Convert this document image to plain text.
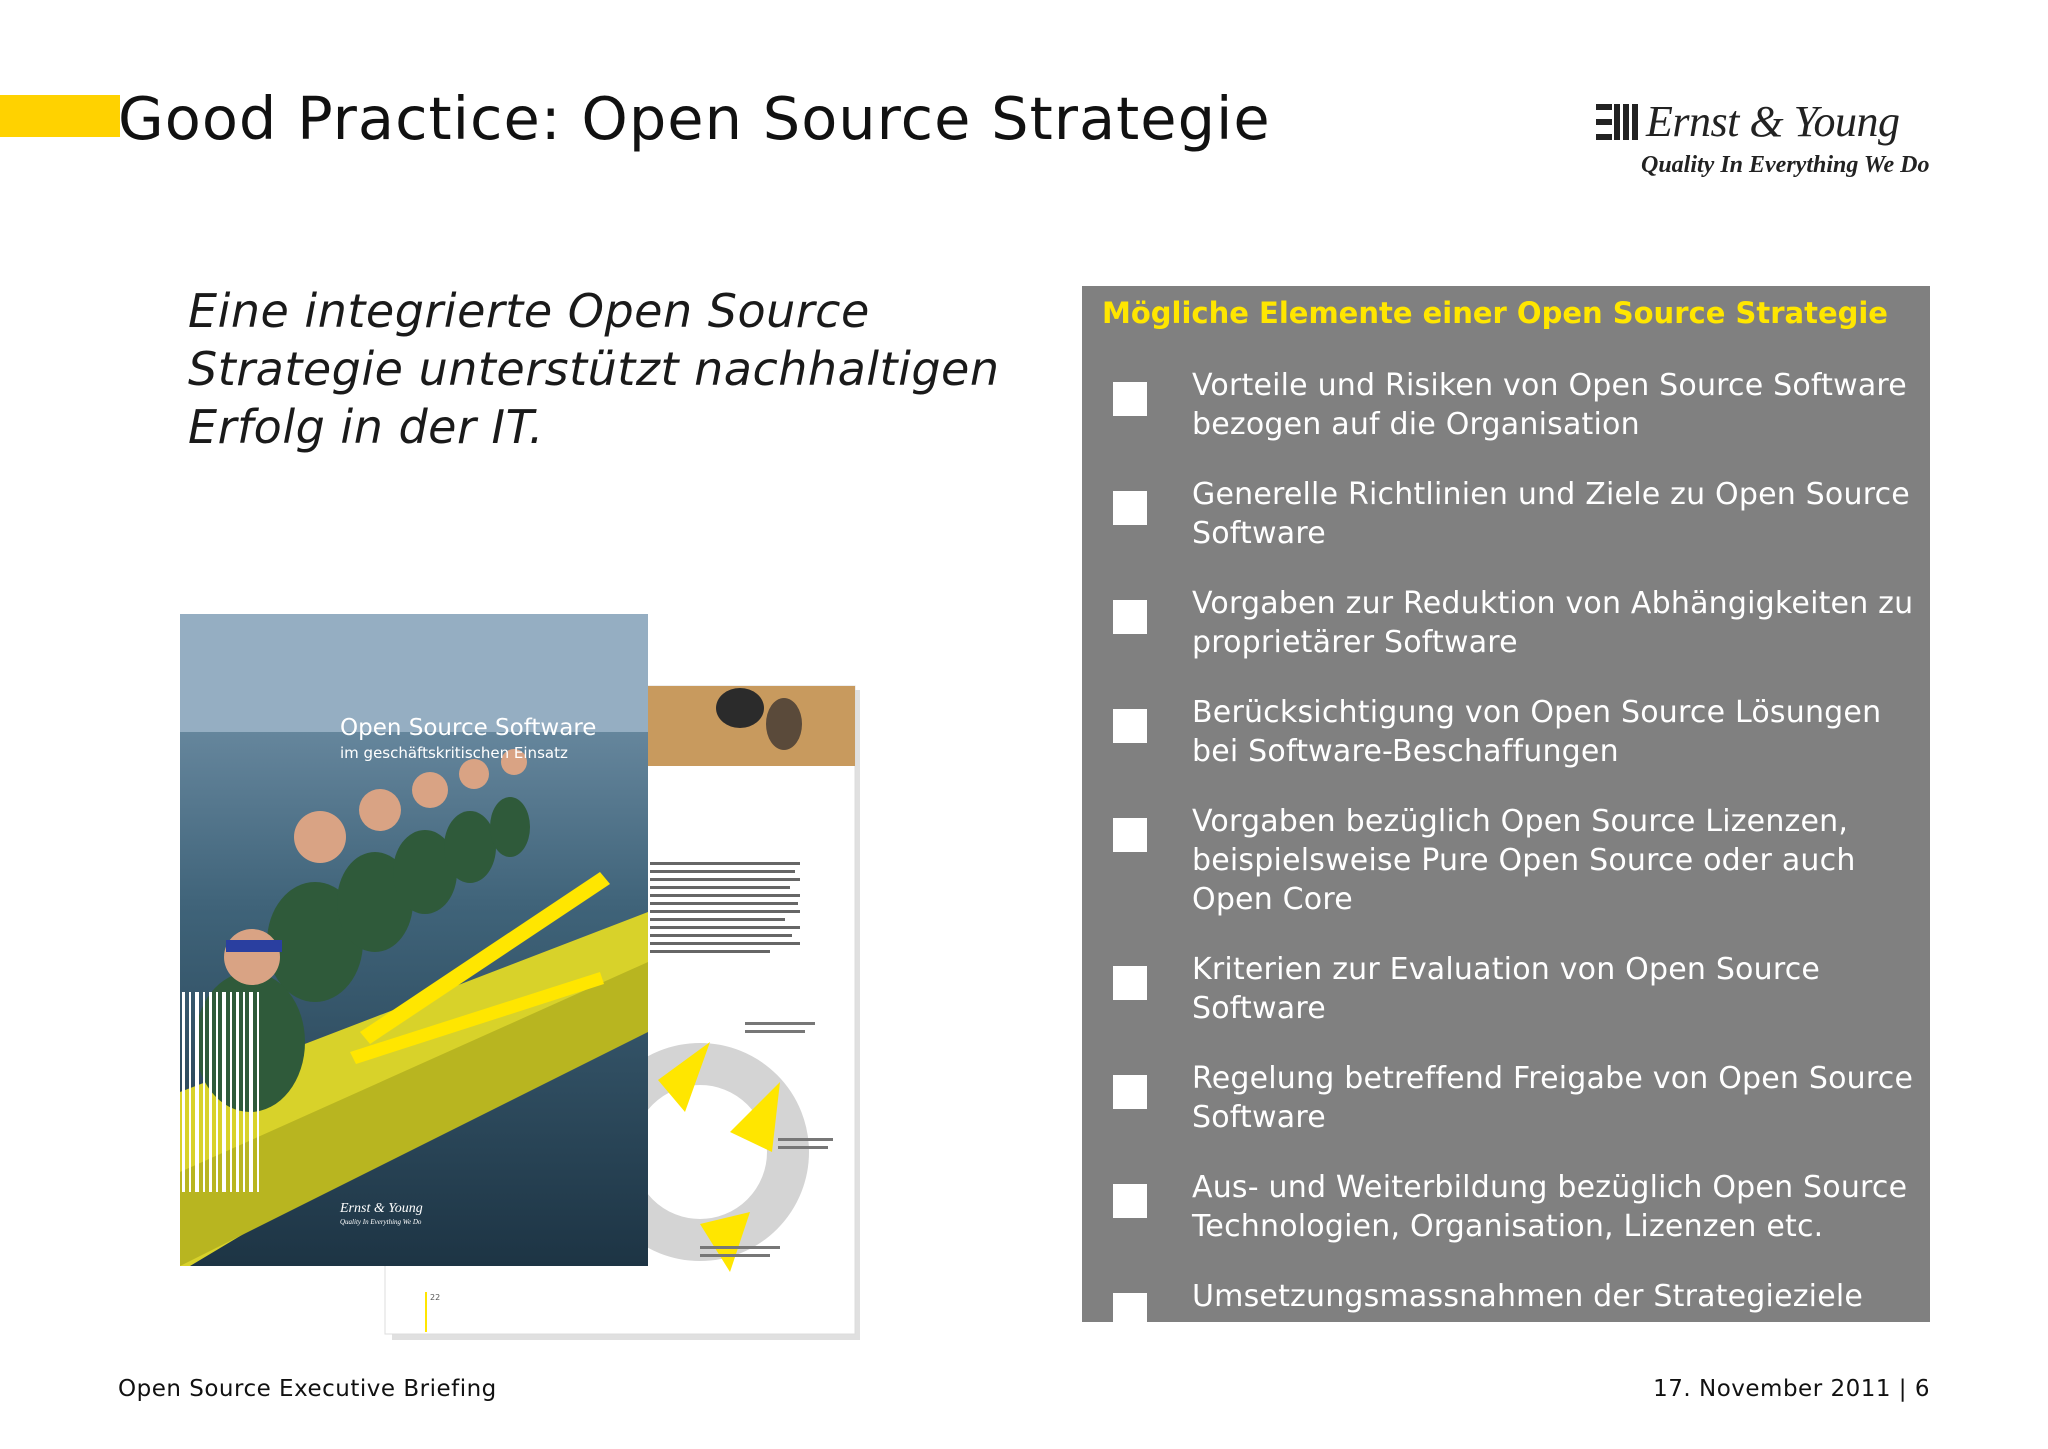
Good Practice: Open Source Strategie	Ernst & Young
Quality In Everything We Do

Eine integrierte Open Source Strategie unterstützt nachhaltigen Erfolg in der IT.

22
Open Source Software
im geschäftskritischen Einsatz
Ernst & Young
Quality In Everything We Do
Mögliche Elemente einer Open Source Strategie
Vorteile und Risiken von Open Source Software bezogen auf die Organisation
Generelle Richtlinien und Ziele zu Open Source Software
Vorgaben zur Reduktion von Abhängigkeiten zu proprietärer Software
Berücksichtigung von Open Source Lösungen bei Software-Beschaffungen
Vorgaben bezüglich Open Source Lizenzen, beispielsweise Pure Open Source oder auch Open Core
Kriterien zur Evaluation von Open Source Software
Regelung betreffend Freigabe von Open Source Software
Aus- und Weiterbildung bezüglich Open Source Technologien, Organisation, Lizenzen etc.
Umsetzungsmassnahmen der Strategieziele wie Studie, Pilotprojekte, Kompetenzstelle etc.
Open Source Executive Briefing	17. November 2011 | 6
